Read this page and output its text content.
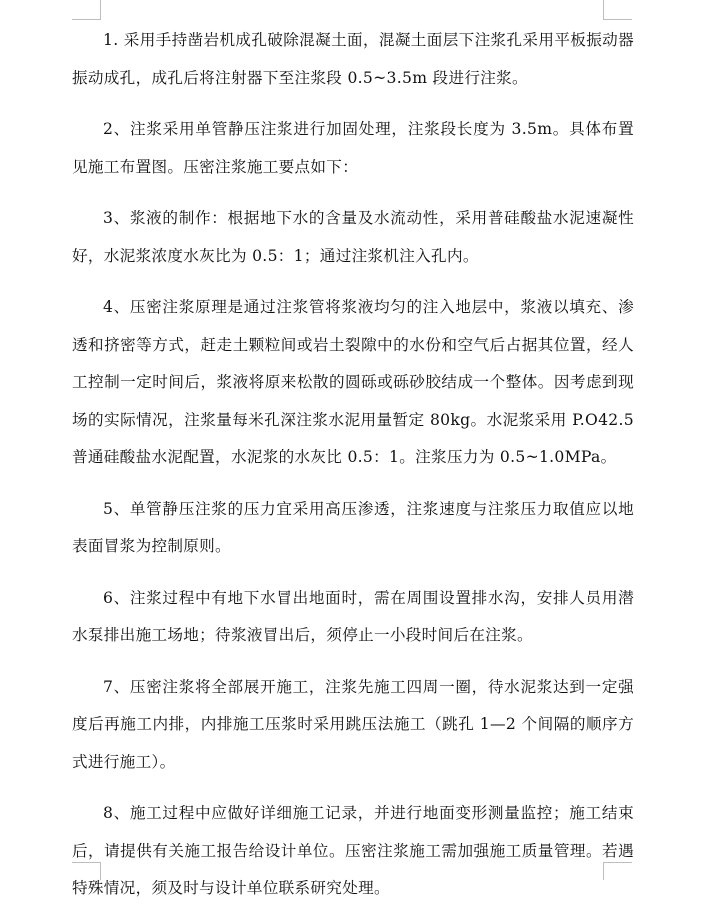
1. 采用手持凿岩机成孔破除混凝土面，混凝土面层下注浆孔采用平板振动器振动成孔，成孔后将注射器下至注浆段 0.5~3.5m 段进行注浆。

2、注浆采用单管静压注浆进行加固处理，注浆段长度为 3.5m。具体布置见施工布置图。压密注浆施工要点如下：

3、浆液的制作：根据地下水的含量及水流动性，采用普硅酸盐水泥速凝性好，水泥浆浓度水灰比为 0.5：1；通过注浆机注入孔内。

4、压密注浆原理是通过注浆管将浆液均匀的注入地层中，浆液以填充、渗透和挤密等方式，赶走土颗粒间或岩土裂隙中的水份和空气后占据其位置，经人工控制一定时间后，浆液将原来松散的圆砾或砾砂胶结成一个整体。因考虑到现场的实际情况，注浆量每米孔深注浆水泥用量暂定 80kg。水泥浆采用 P.O42.5 普通硅酸盐水泥配置，水泥浆的水灰比 0.5：1。注浆压力为 0.5~1.0MPa。

5、单管静压注浆的压力宜采用高压渗透，注浆速度与注浆压力取值应以地表面冒浆为控制原则。

6、注浆过程中有地下水冒出地面时，需在周围设置排水沟，安排人员用潜水泵排出施工场地；待浆液冒出后，须停止一小段时间后在注浆。

7、压密注浆将全部展开施工，注浆先施工四周一圈，待水泥浆达到一定强度后再施工内排，内排施工压浆时采用跳压法施工（跳孔 1—2 个间隔的顺序方式进行施工）。

8、施工过程中应做好详细施工记录，并进行地面变形测量监控；施工结束后，请提供有关施工报告给设计单位。压密注浆施工需加强施工质量管理。若遇特殊情况，须及时与设计单位联系研究处理。
